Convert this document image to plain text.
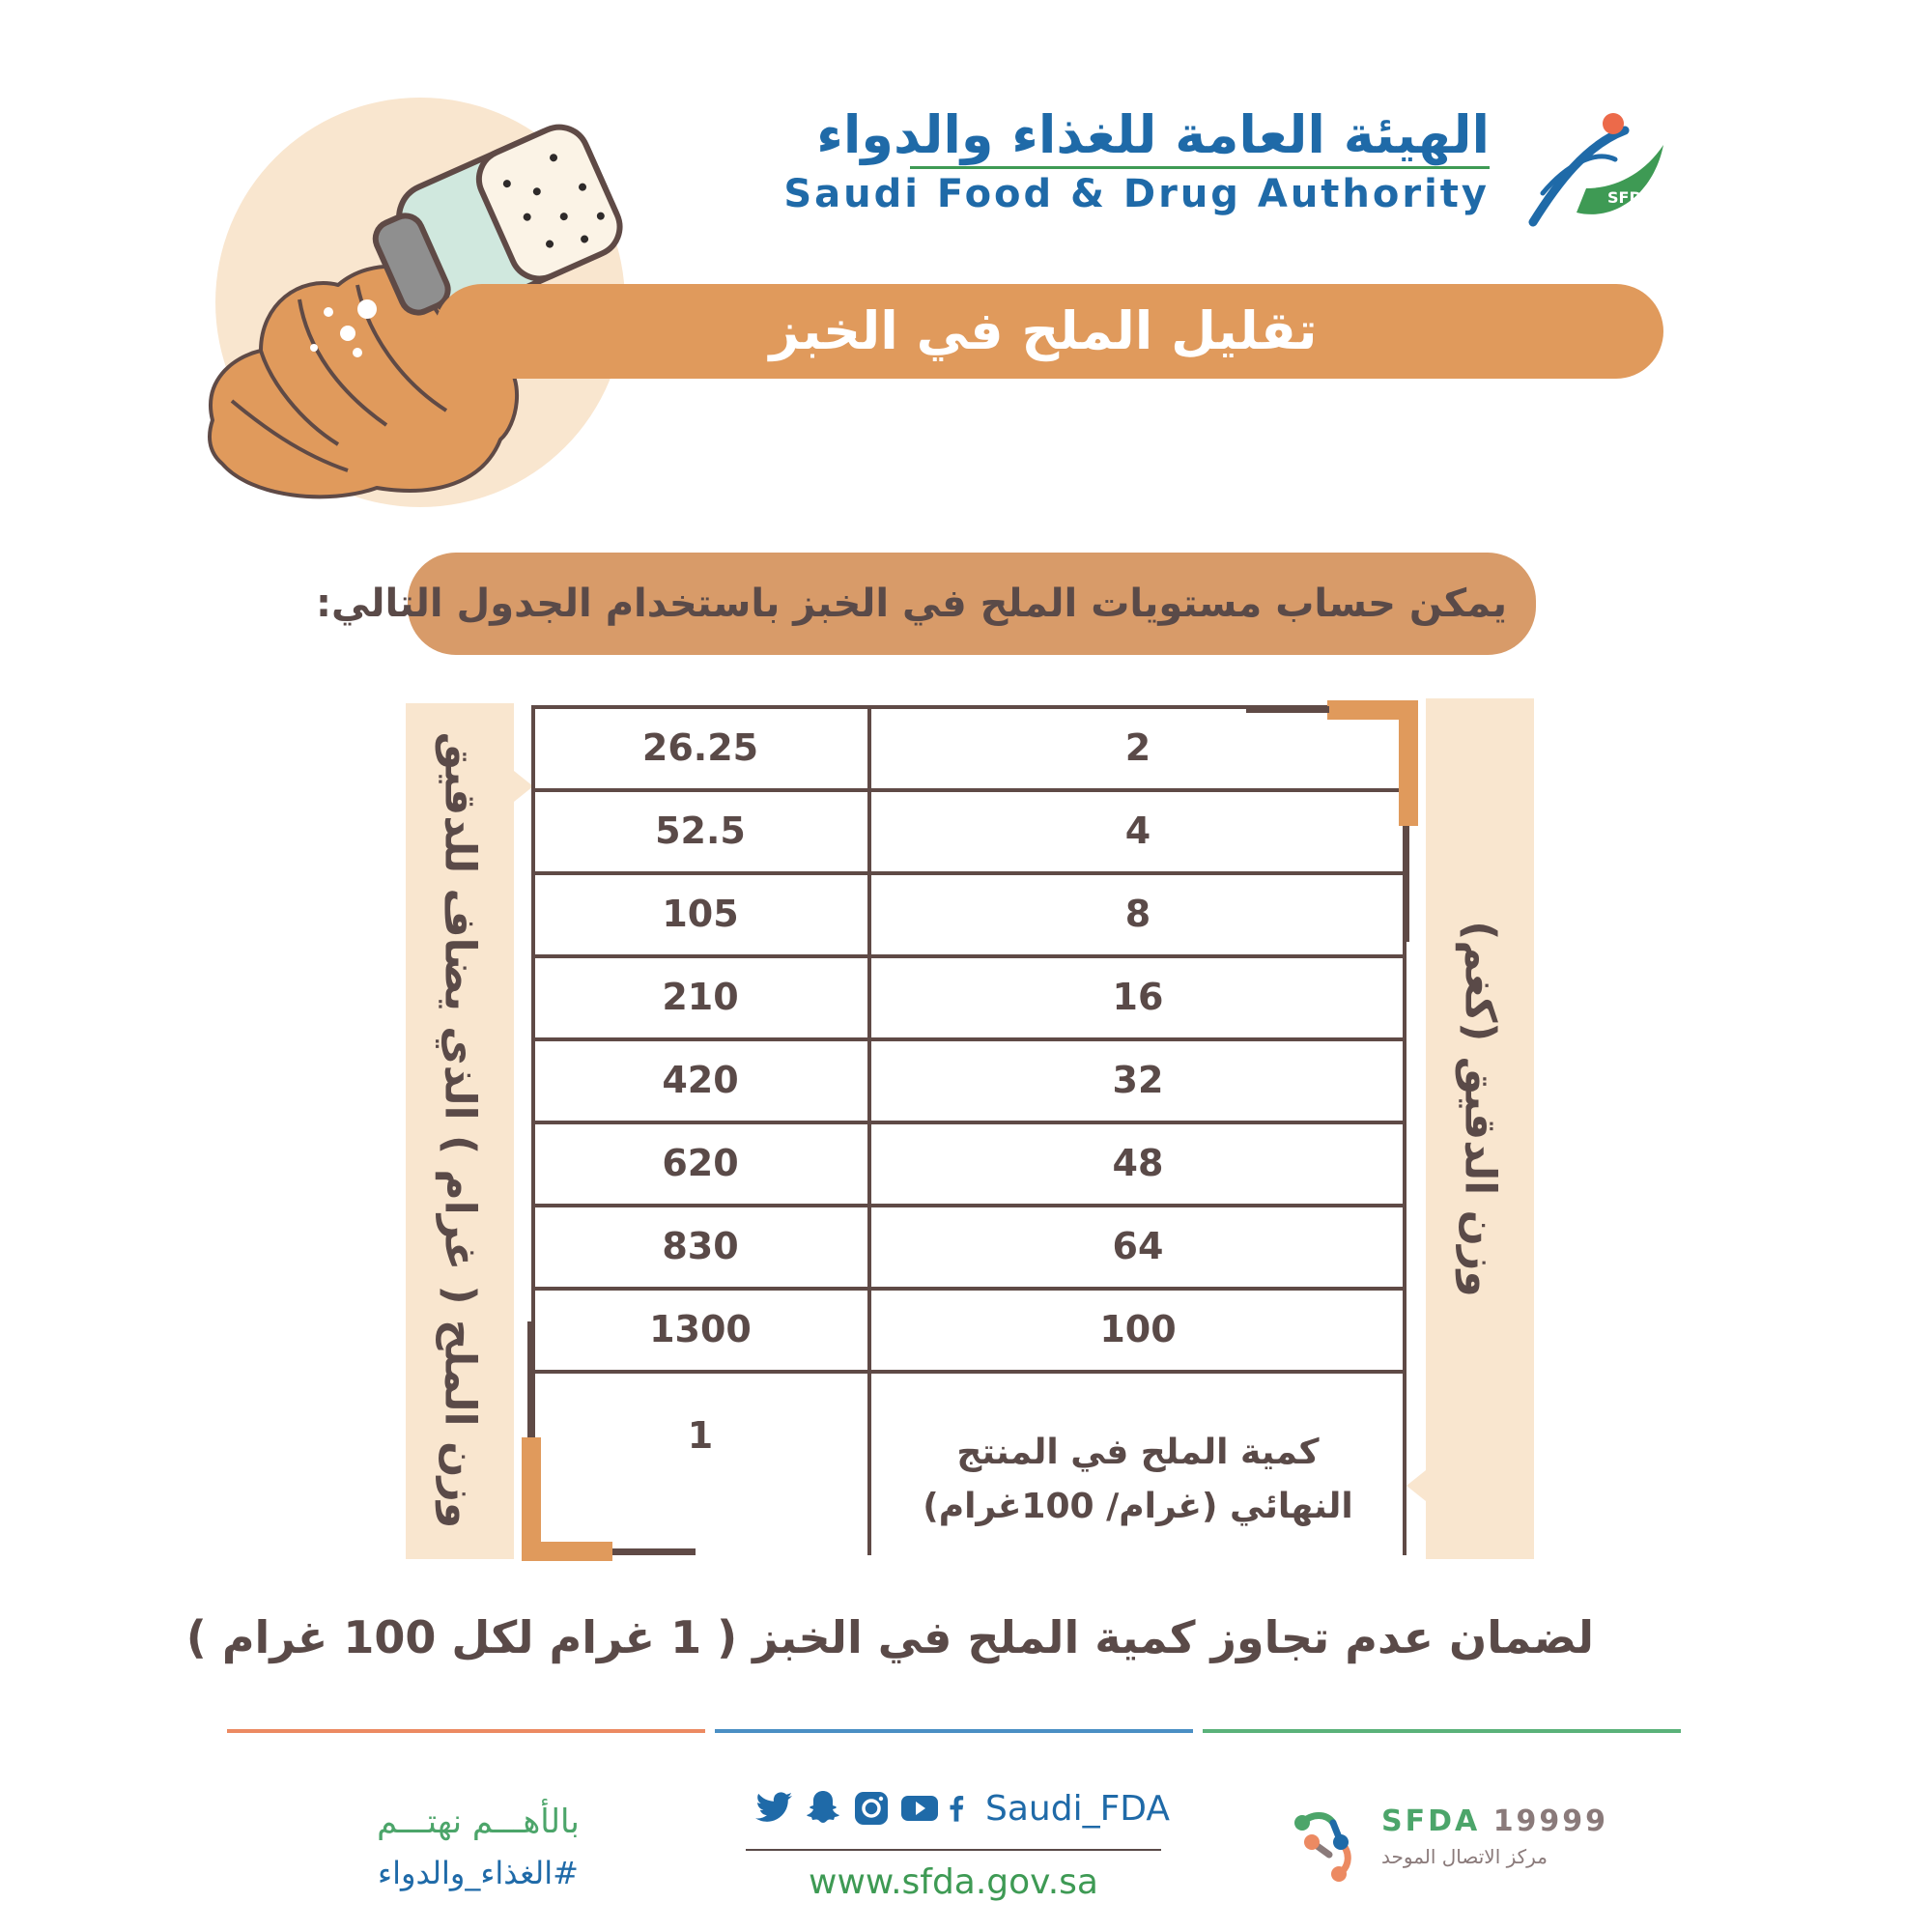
الهيئة العامة للغذاء والدواء
Saudi Food & Drug Authority	SFDA
تقليل الملح في الخبز
يمكن حساب مستويات الملح في الخبز باستخدام الجدول التالي:
وزن الملح ( غرام ) الذي يضاف للدقيق	وزن الدقيق (كغم)
26.25	2
52.5	4
105	8
210	16
420	32
620	48
830	64
1300	100
1	كمية الملح في المنتج
النهائي (غرام/ 100غرام)
لضمان عدم تجاوز كمية الملح في الخبز ( 1 غرام لكل 100 غرام )
بالأهـــم نهتـــم
#الغذاء_والدواء
Saudi_FDA
www.sfda.gov.sa
SFDA 19999
مركز الاتصال الموحد
